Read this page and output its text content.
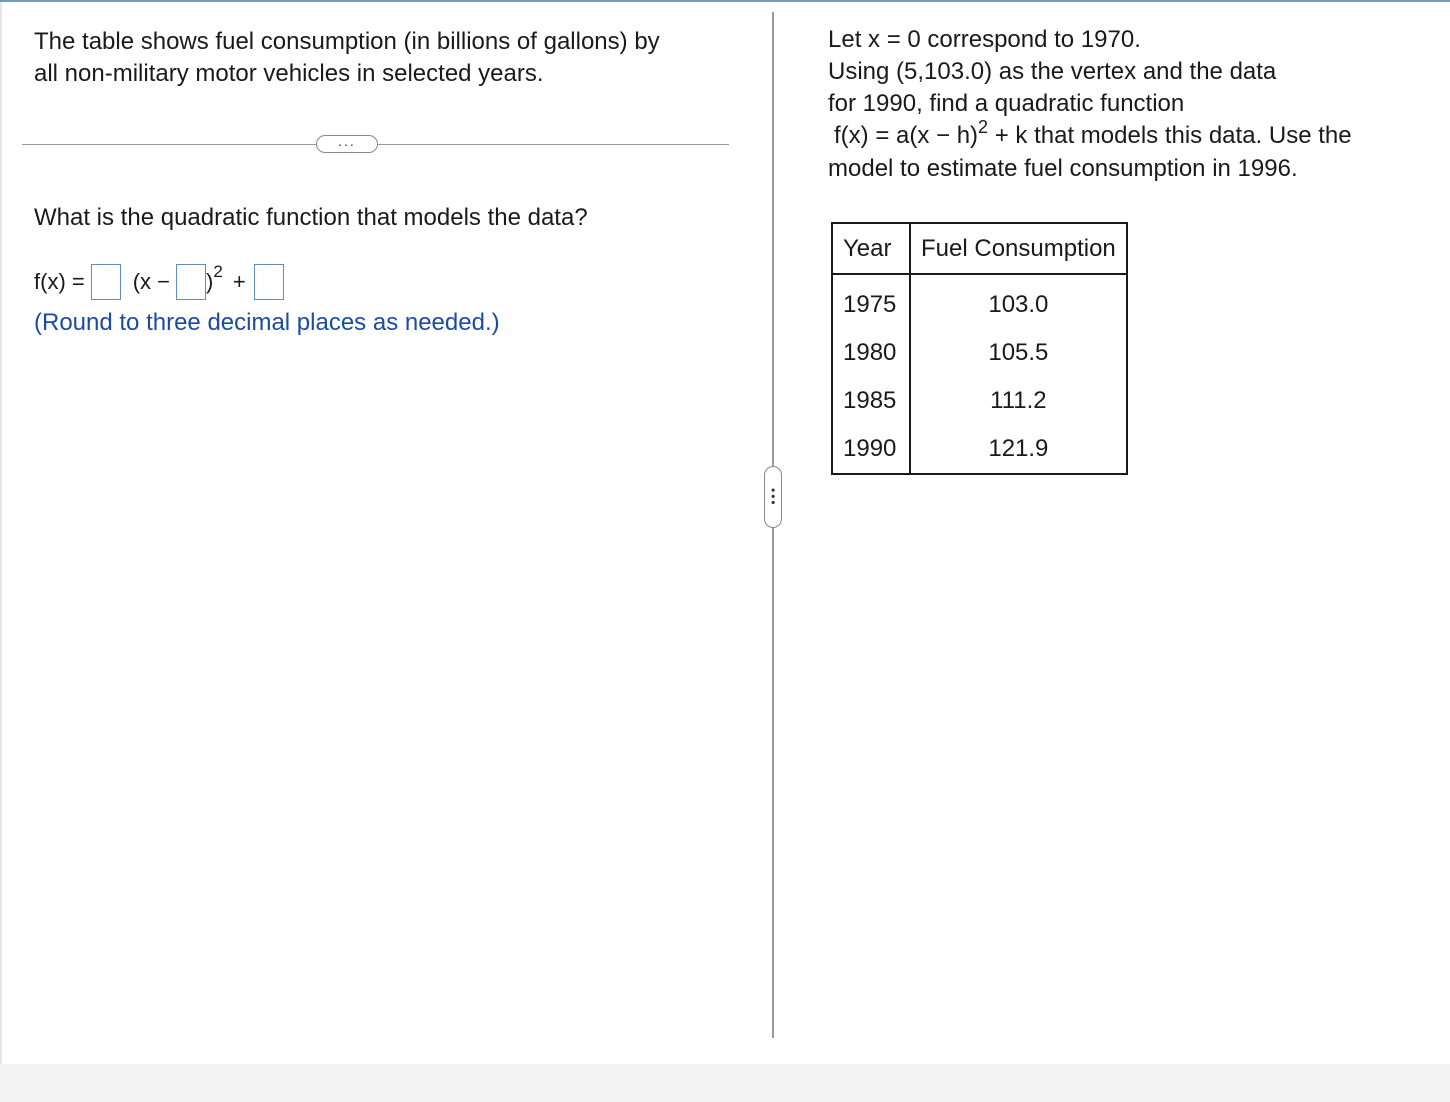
The table shows fuel consumption (in billions of gallons) by
all non-military motor vehicles in selected years.
...
What is the quadratic function that models the data?
f(x) = (x − ) 2 +
(Round to three decimal places as needed.)
•••
Let x = 0 correspond to 1970.
Using (5,103.0) as the vertex and the data
for 1990, find a quadratic function
$f(x) = a(x - h)^2 + k$ that models this data. Use the
model to estimate fuel consumption in 1996.
Year	Fuel Consumption
1975	103.0
1980	105.5
1985	111.2
1990	121.9
